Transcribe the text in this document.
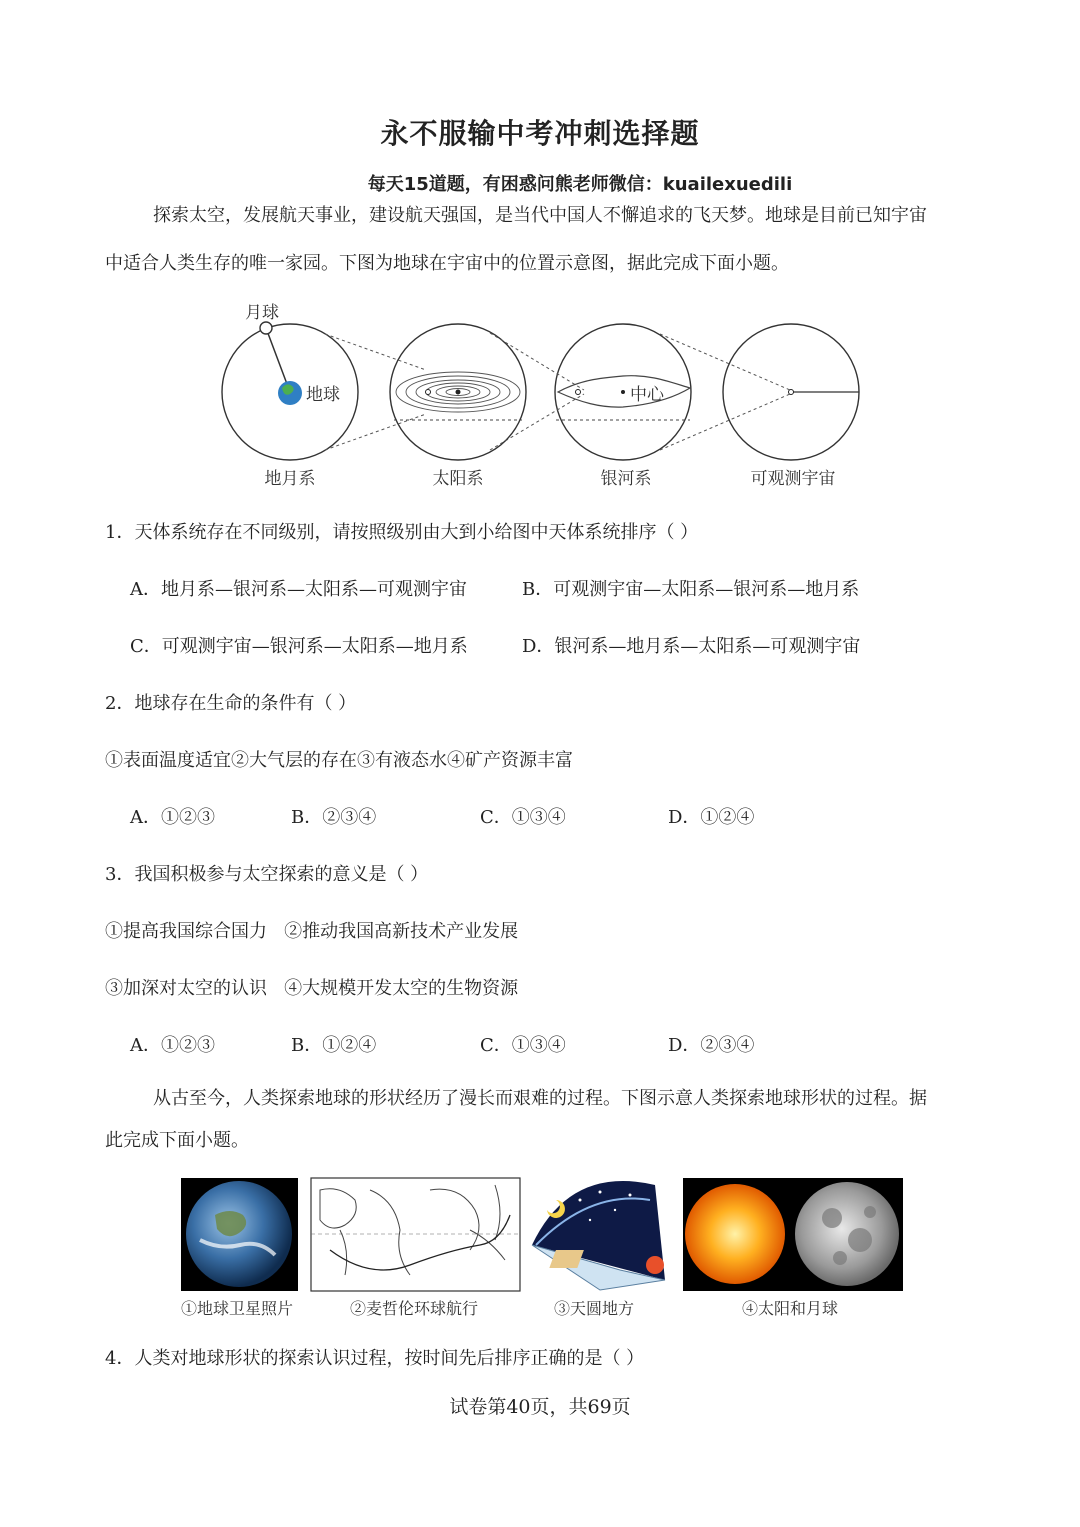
永不服输中考冲刺选择题
每天15道题，有困惑问熊老师微信：kuailexuedili
探索太空，发展航天事业，建设航天强国，是当代中国人不懈追求的飞天梦。地球是目前已知宇宙
中适合人类生存的唯一家园。下图为地球在宇宙中的位置示意图，据此完成下面小题。
月球
地球	中心
地月系	太阳系	银河系	可观测宇宙
1．天体系统存在不同级别，请按照级别由大到小给图中天体系统排序（ ）
A．地月系—银河系—太阳系—可观测宇宙	B．可观测宇宙—太阳系—银河系—地月系
C．可观测宇宙—银河系—太阳系—地月系	D．银河系—地月系—太阳系—可观测宇宙
2．地球存在生命的条件有（ ）
①表面温度适宜②大气层的存在③有液态水④矿产资源丰富
A．①②③	B．②③④	C．①③④	D．①②④
3．我国积极参与太空探索的意义是（ ）
①提高我国综合国力   ②推动我国高新技术产业发展
③加深对太空的认识   ④大规模开发太空的生物资源
A．①②③	B．①②④	C．①③④	D．②③④
从古至今，人类探索地球的形状经历了漫长而艰难的过程。下图示意人类探索地球形状的过程。据
此完成下面小题。
①地球卫星照片	②麦哲伦环球航行	③天圆地方	④太阳和月球
4．人类对地球形状的探索认识过程，按时间先后排序正确的是（ ）
试卷第40页，共69页
